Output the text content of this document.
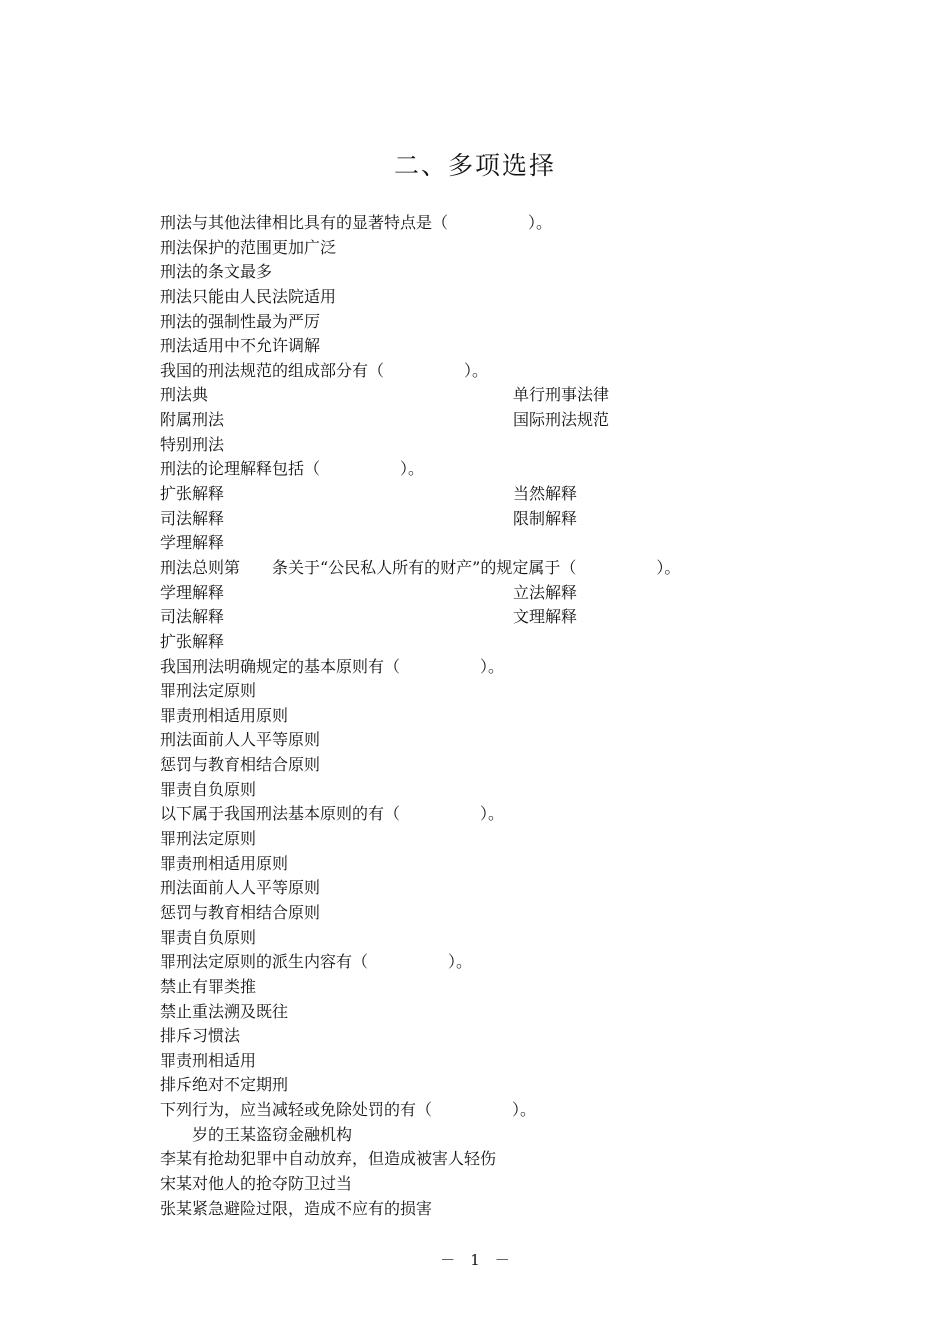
二、多项选择
刑法与其他法律相比具有的显著特点是（　　　　　）。
刑法保护的范围更加广泛
刑法的条文最多
刑法只能由人民法院适用
刑法的强制性最为严厉
刑法适用中不允许调解
我国的刑法规范的组成部分有（　　　　　）。
刑法典	单行刑事法律
附属刑法	国际刑法规范
特别刑法
刑法的论理解释包括（　　　　　）。
扩张解释	当然解释
司法解释	限制解释
学理解释
刑法总则第　　条关于“公民私人所有的财产”的规定属于（　　　　　）。
学理解释	立法解释
司法解释	文理解释
扩张解释
我国刑法明确规定的基本原则有（　　　　　）。
罪刑法定原则
罪责刑相适用原则
刑法面前人人平等原则
惩罚与教育相结合原则
罪责自负原则
以下属于我国刑法基本原则的有（　　　　　）。
罪刑法定原则
罪责刑相适用原则
刑法面前人人平等原则
惩罚与教育相结合原则
罪责自负原则
罪刑法定原则的派生内容有（　　　　　）。
禁止有罪类推
禁止重法溯及既往
排斥习惯法
罪责刑相适用
排斥绝对不定期刑
下列行为，应当减轻或免除处罚的有（　　　　　）。
　　岁的王某盗窃金融机构
李某有抢劫犯罪中自动放弃，但造成被害人轻伤
宋某对他人的抢夺防卫过当
张某紧急避险过限，造成不应有的损害
－　1　－
